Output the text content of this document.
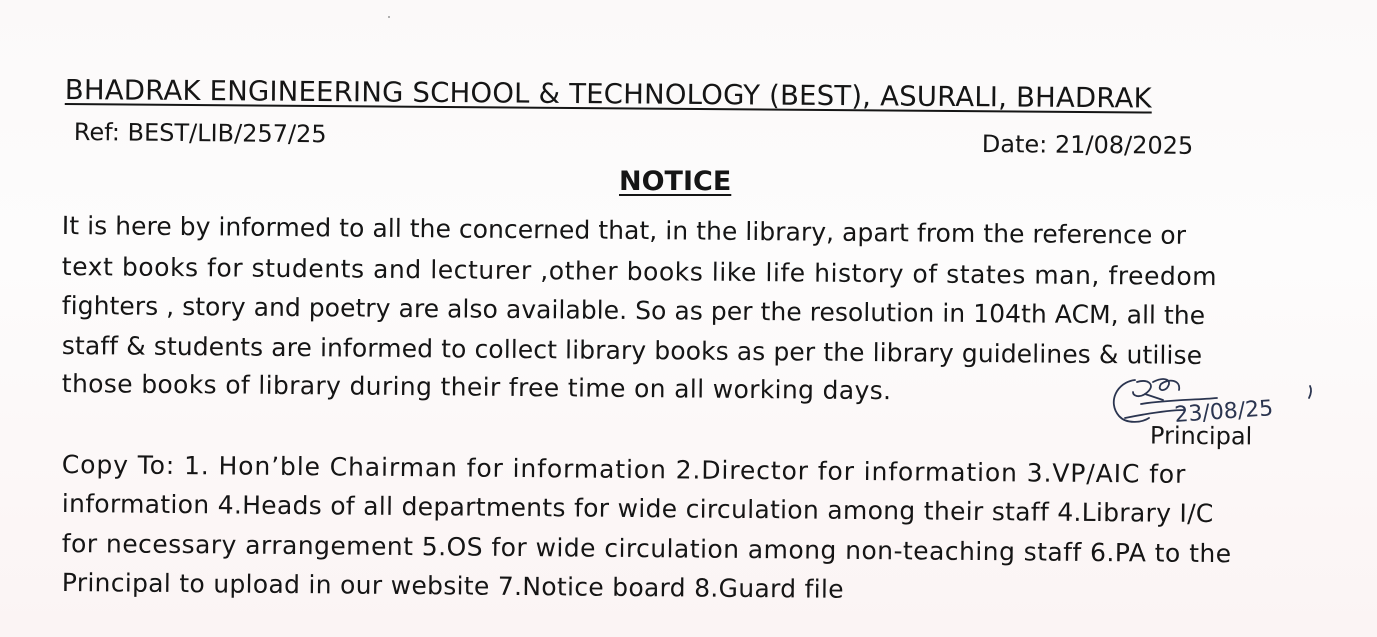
BHADRAK ENGINEERING SCHOOL & TECHNOLOGY (BEST), ASURALI, BHADRAK
Ref: BEST/LIB/257/25	Date: 21/08/2025
NOTICE
It is here by informed to all the concerned that, in the library, apart from the reference or
text books for students and lecturer ,other books like life history of states man, freedom
fighters , story and poetry are also available. So as per the resolution in 104th ACM, all the
staff & students are informed to collect library books as per the library guidelines & utilise
those books of library during their free time on all working days.
23/08/25
Principal
Copy To: 1. Hon’ble Chairman for information 2.Director for information 3.VP/AIC for
information 4.Heads of all departments for wide circulation among their staff 4.Library I/C
for necessary arrangement 5.OS for wide circulation among non-teaching staff 6.PA to the
Principal to upload in our website 7.Notice board 8.Guard file
